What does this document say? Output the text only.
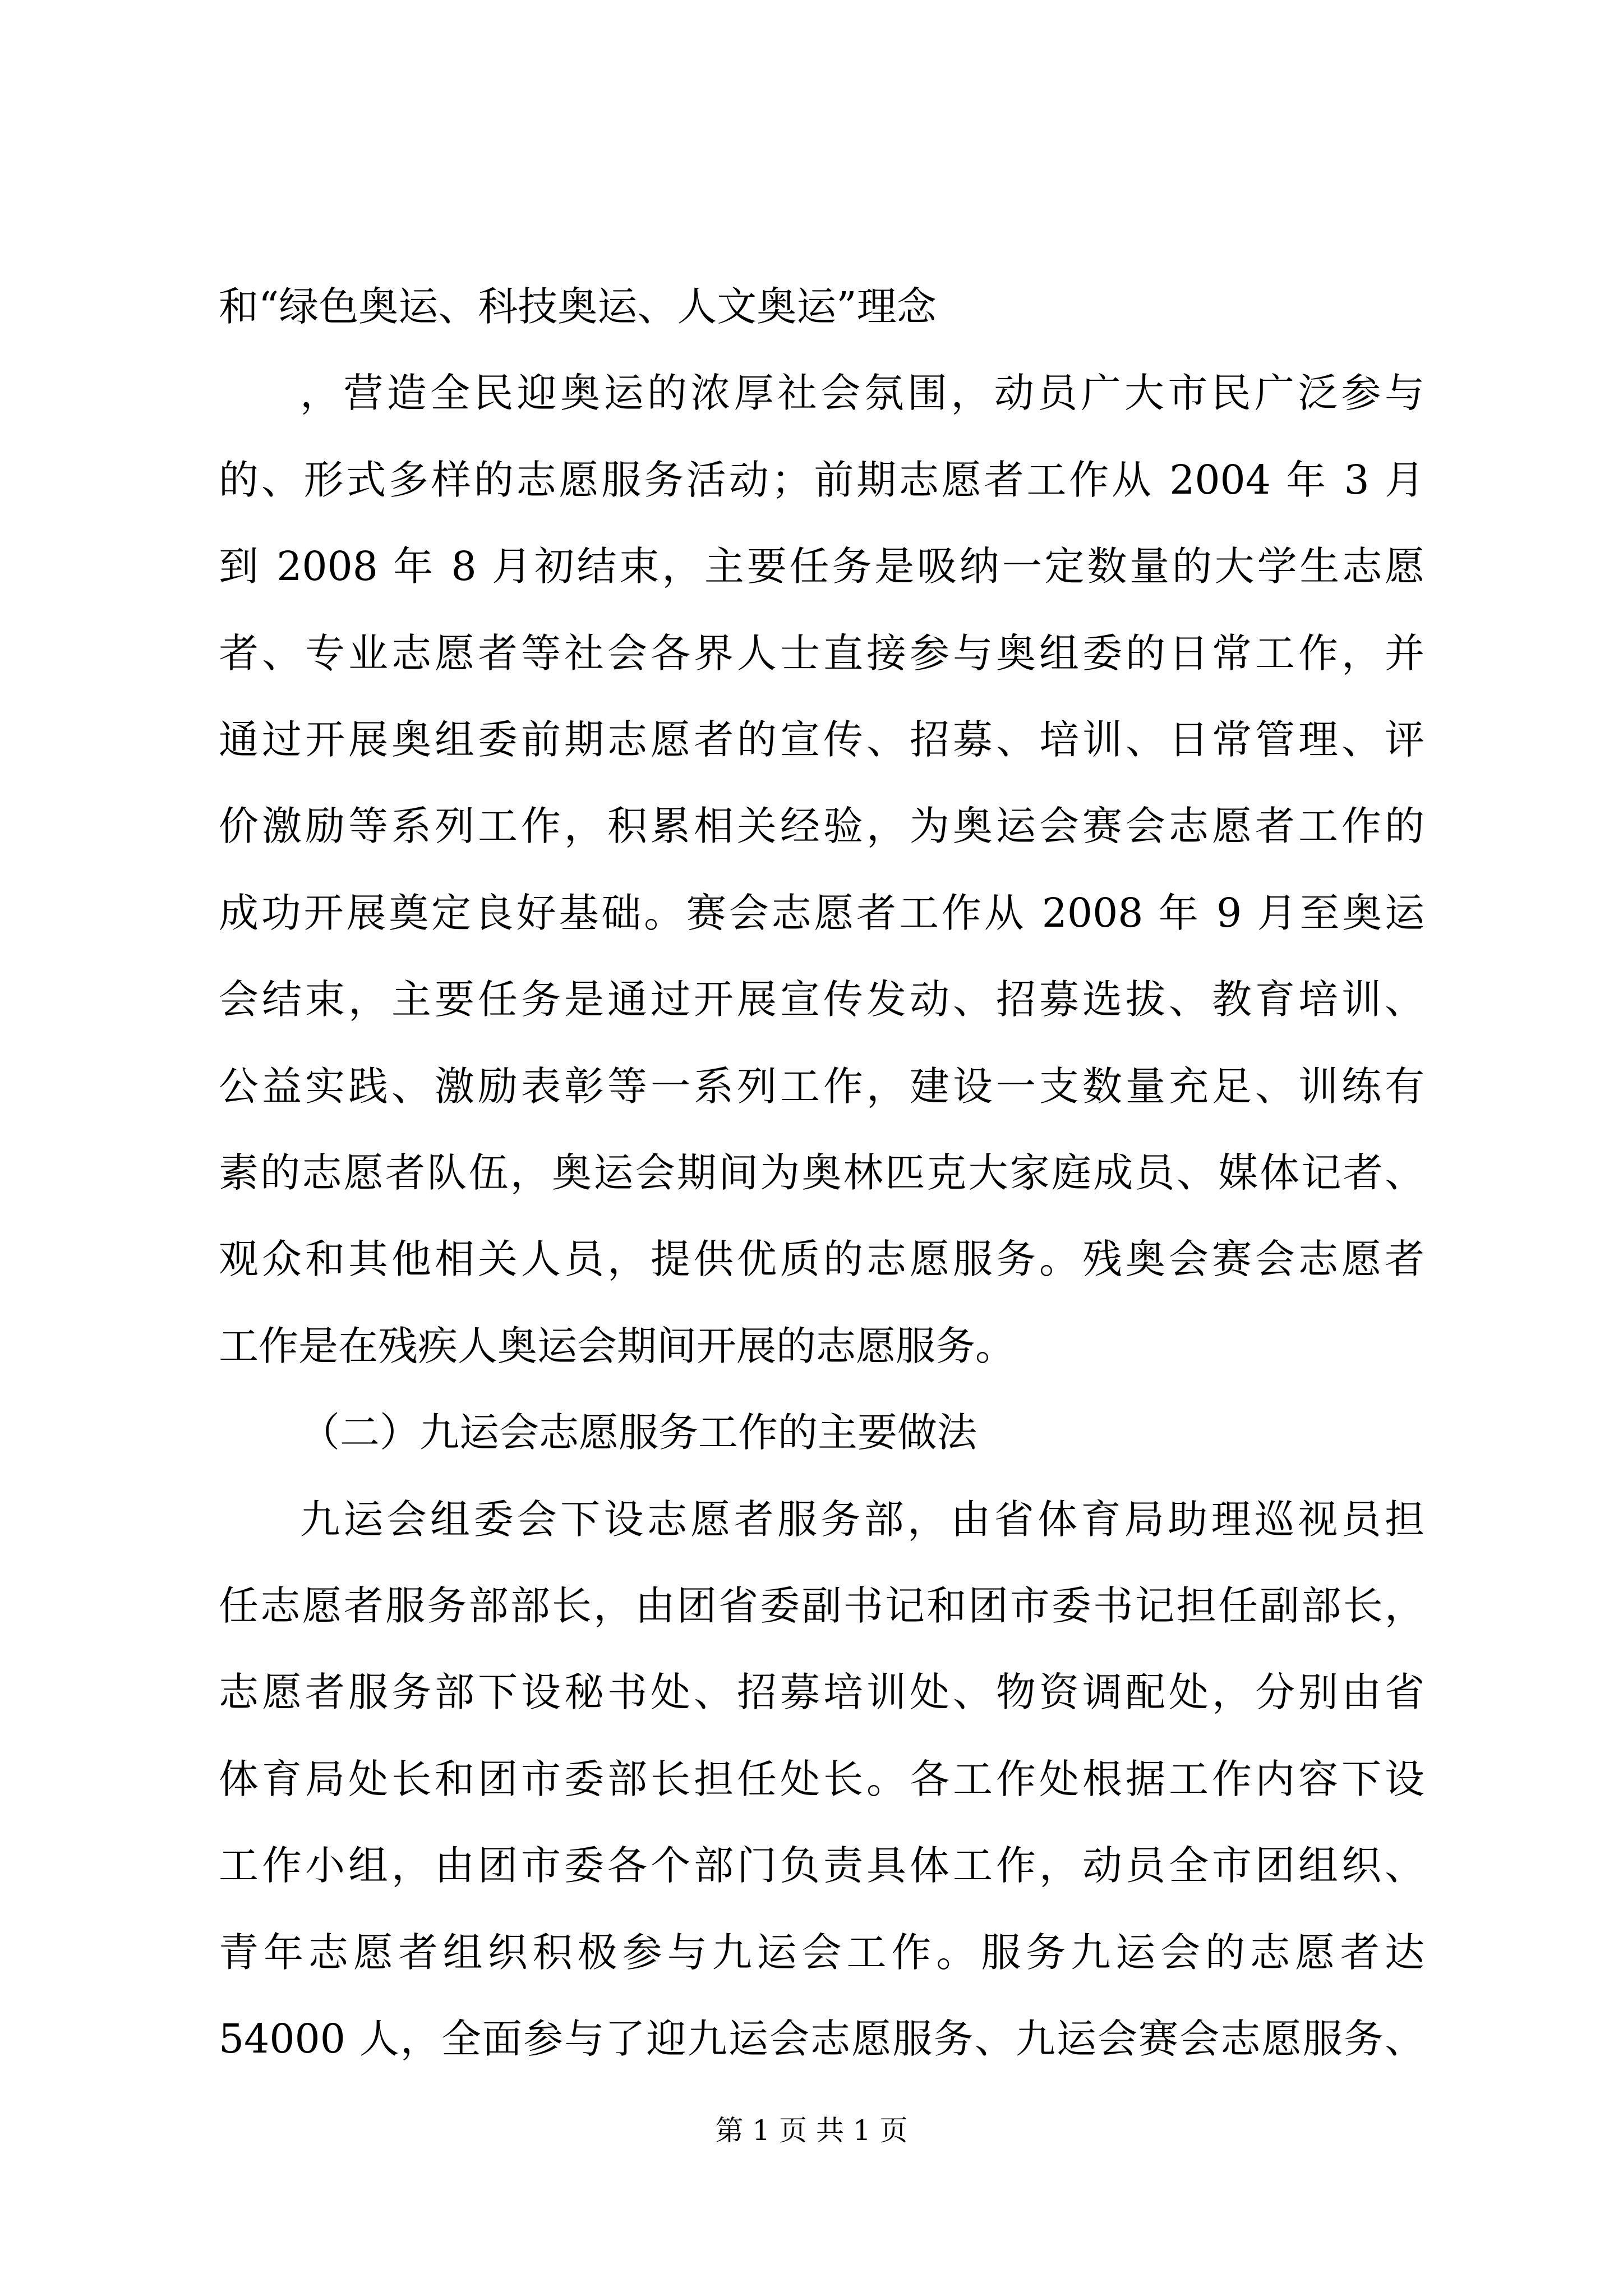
和“绿色奥运、科技奥运、人文奥运”理念
，营造全民迎奥运的浓厚社会氛围，动员广大市民广泛参与
的、形式多样的志愿服务活动；前期志愿者工作从 2004 年 3 月
到 2008 年 8 月初结束，主要任务是吸纳一定数量的大学生志愿
者、专业志愿者等社会各界人士直接参与奥组委的日常工作，并
通过开展奥组委前期志愿者的宣传、招募、培训、日常管理、评
价激励等系列工作，积累相关经验，为奥运会赛会志愿者工作的
成功开展奠定良好基础。赛会志愿者工作从 2008 年 9 月至奥运
会结束，主要任务是通过开展宣传发动、招募选拔、教育培训、
公益实践、激励表彰等一系列工作，建设一支数量充足、训练有
素的志愿者队伍，奥运会期间为奥林匹克大家庭成员、媒体记者、
观众和其他相关人员，提供优质的志愿服务。残奥会赛会志愿者
工作是在残疾人奥运会期间开展的志愿服务。
（二）九运会志愿服务工作的主要做法
九运会组委会下设志愿者服务部，由省体育局助理巡视员担
任志愿者服务部部长，由团省委副书记和团市委书记担任副部长，
志愿者服务部下设秘书处、招募培训处、物资调配处，分别由省
体育局处长和团市委部长担任处长。各工作处根据工作内容下设
工作小组，由团市委各个部门负责具体工作，动员全市团组织、
青年志愿者组织积极参与九运会工作。服务九运会的志愿者达
54000 人，全面参与了迎九运会志愿服务、九运会赛会志愿服务、
第 1 页 共 1 页
